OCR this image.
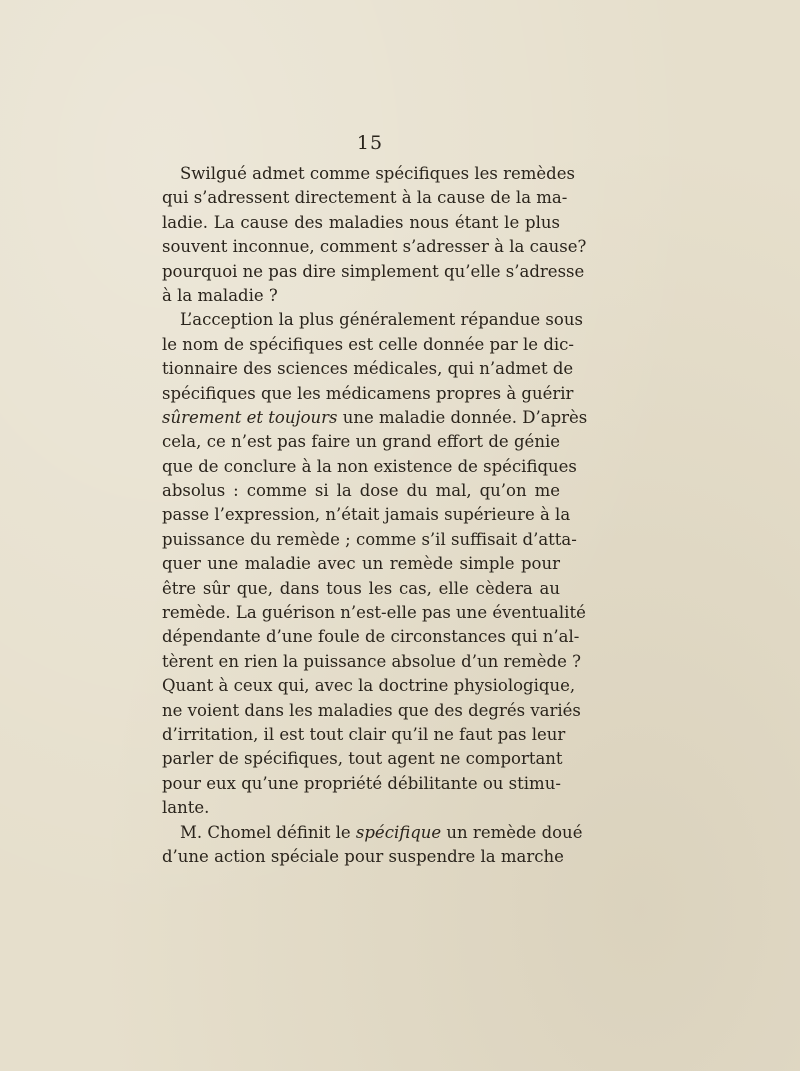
15
Swilgué admet comme spécifiques les remèdes
qui s’adressent directement à la cause de la ma-
ladie. La cause des maladies nous étant le plus
souvent inconnue, comment s’adresser à la cause?
pourquoi ne pas dire simplement qu’elle s’adresse
à la maladie ?
L’acception la plus généralement répandue sous
le nom de spécifiques est celle donnée par le dic-
tionnaire des sciences médicales, qui n’admet de
spécifiques que les médicamens propres à guérir
sûrement et toujours une maladie donnée. D’après
cela, ce n’est pas faire un grand effort de génie
que de conclure à la non existence de spécifiques
absolus : comme si la dose du mal, qu’on me
passe l’expression, n’était jamais supérieure à la
puissance du remède ; comme s’il suffisait d’atta-
quer une maladie avec un remède simple pour
être sûr que, dans tous les cas, elle cèdera au
remède. La guérison n’est-elle pas une éventualité
dépendante d’une foule de circonstances qui n’al-
tèrent en rien la puissance absolue d’un remède ?
Quant à ceux qui, avec la doctrine physiologique,
ne voient dans les maladies que des degrés variés
d’irritation, il est tout clair qu’il ne faut pas leur
parler de spécifiques, tout agent ne comportant
pour eux qu’une propriété débilitante ou stimu-
lante.
M. Chomel définit le spécifique un remède doué
d’une action spéciale pour suspendre la marche
